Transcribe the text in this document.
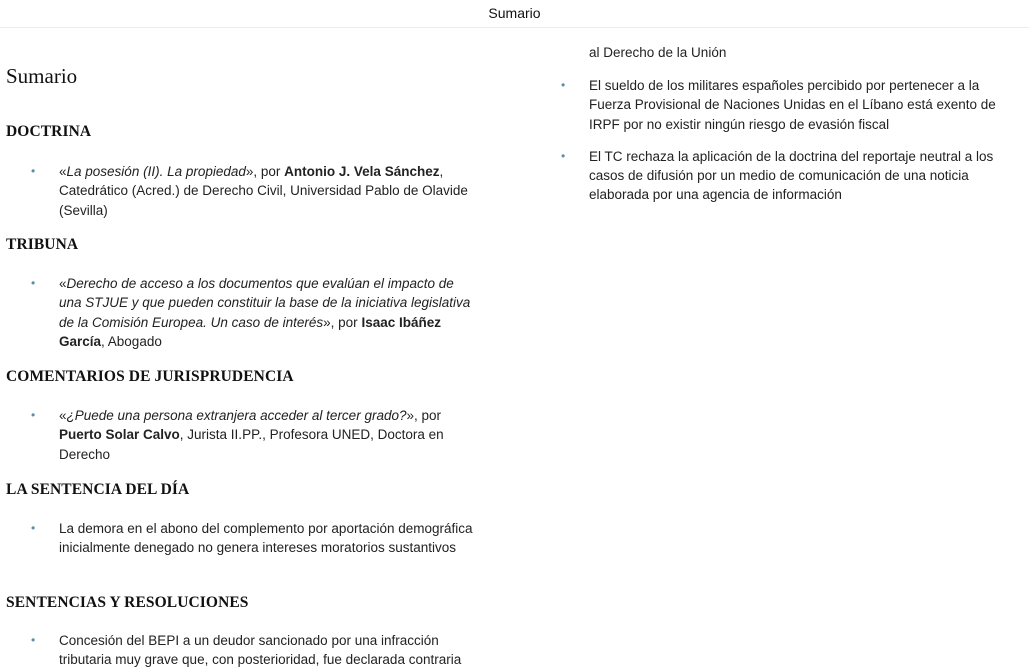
Sumario
Sumario
DOCTRINA
• «La posesión (II). La propiedad», por Antonio J. Vela Sánchez, Catedrático (Acred.) de Derecho Civil, Universidad Pablo de Olavide (Sevilla)
TRIBUNA
• «Derecho de acceso a los documentos que evalúan el impacto de una STJUE y que pueden constituir la base de la iniciativa legislativa de la Comisión Europea. Un caso de interés», por Isaac Ibáñez García, Abogado
COMENTARIOS DE JURISPRUDENCIA
• «¿Puede una persona extranjera acceder al tercer grado?», por Puerto Solar Calvo, Jurista II.PP., Profesora UNED, Doctora en Derecho
LA SENTENCIA DEL DÍA
• La demora en el abono del complemento por aportación demográfica inicialmente denegado no genera intereses moratorios sustantivos
SENTENCIAS Y RESOLUCIONES
• Concesión del BEPI a un deudor sancionado por una infracción tributaria muy grave que, con posterioridad, fue declarada contraria
al Derecho de la Unión
• El sueldo de los militares españoles percibido por pertenecer a la Fuerza Provisional de Naciones Unidas en el Líbano está exento de IRPF por no existir ningún riesgo de evasión fiscal
• El TC rechaza la aplicación de la doctrina del reportaje neutral a los casos de difusión por un medio de comunicación de una noticia elaborada por una agencia de información
